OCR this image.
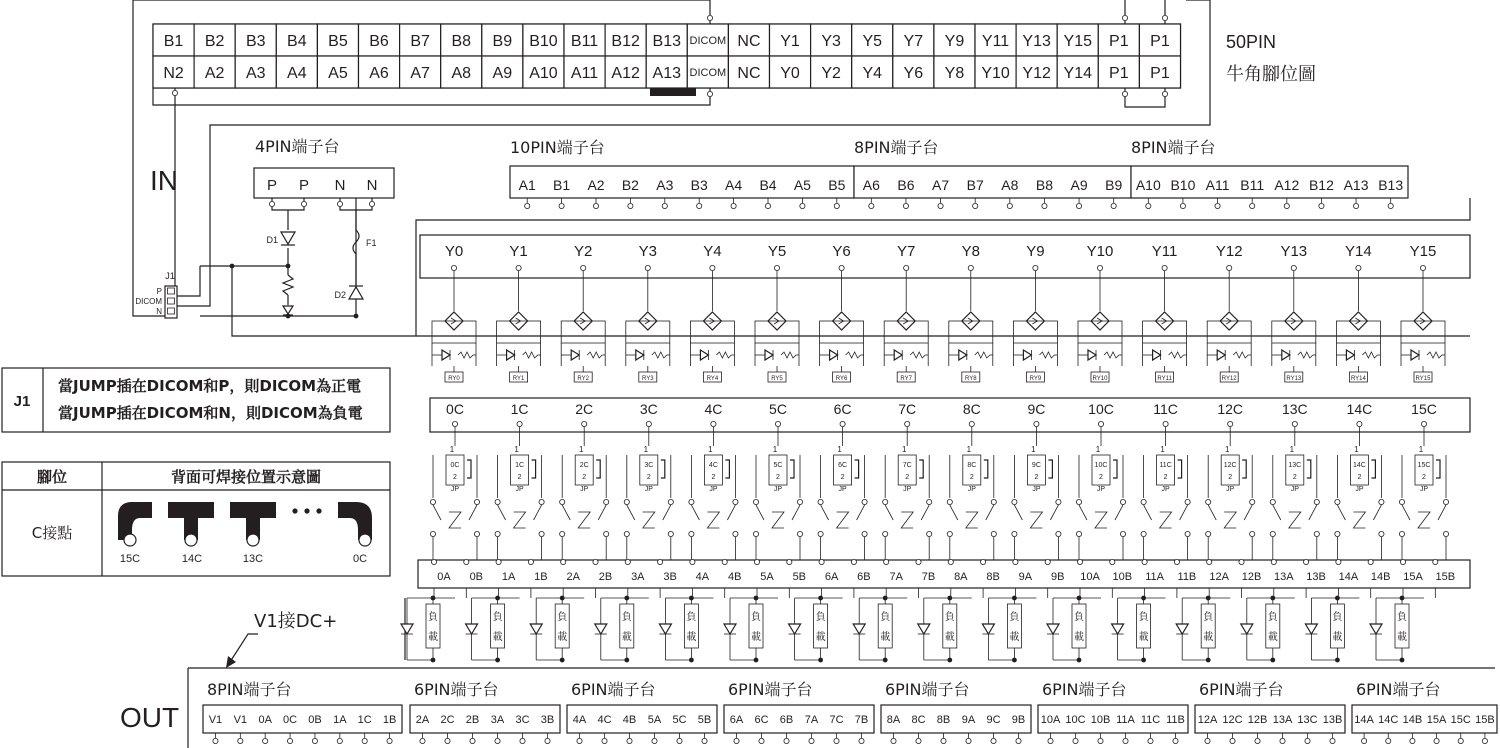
B1 B2 B3 B4 B5 B6 B7 B8 B9 B10 B11 B12 B13 DICOM NC Y1 Y3 Y5 Y7 Y9 Y11 Y13 Y15 P1 P1
N2 A2 A3 A4 A5 A6 A7 A8 A9 A10 A11 A12 A13 DICOM NC Y0 Y2 Y4 Y6 Y8 Y10 Y12 Y14 P1 P1
4PIN端子台
P P N N
D1	F1
D2
J1
P
DICOM
N
10PIN端子台
A1 B1 A2 B2 A3 B3 A4 B4 A5 B5
8PIN端子台
A6 B6 A7 B7 A8 B8 A9 B9
8PIN端子台
A10 B10 A11 B11 A12 B12 A13 B13
Y0
RY0
Y1
RY1
Y2
RY2
Y3
RY3
Y4
RY4
Y5
RY5
Y6
RY6
Y7
RY7
Y8
RY8
Y9
RY9
Y10
RY10
Y11
RY11
Y12
RY12
Y13
RY13
Y14
RY14
Y15
RY15
0C
1
0C
2
JP
1C
1
1C
2
JP
2C
1
2C
2
JP
3C
1
3C
2
JP
4C
1
4C
2
JP
5C
1
5C
2
JP
6C
1
6C
2
JP
7C
1
7C
2
JP
8C
1
8C
2
JP
9C
1
9C
2
JP
10C
1
10C
2
JP
11C
1
11C
2
JP
12C
1
12C
2
JP
13C
1
13C
2
JP
14C
1
14C
2
JP
15C
1
15C
2
JP
0A 0B 1A 1B 2A 2B 3A 3B 4A 4B 5A 5B 6A 6B 7A 7B 8A 8B 9A 9B 10A 10B 11A 11B 12A 12B 13A 13B 14A 14B 15A 15B
負
載
負
載
負
載
負
載
負
載
負
載
負
載
負
載
負
載
負
載
負
載
負
載
負
載
負
載
負
載
負
載
J1
當JUMP插在DICOM和P，則DICOM為正電
當JUMP插在DICOM和N，則DICOM為負電
腳位	背面可焊接位置示意圖
C接點
15C	14C	13C	0C
8PIN端子台
V1 V1 0A 0C 0B 1A 1C 1B
6PIN端子台
2A 2C 2B 3A 3C 3B
6PIN端子台
4A 4C 4B 5A 5C 5B
6PIN端子台
6A 6C 6B 7A 7C 7B
6PIN端子台
8A 8C 8B 9A 9C 9B
6PIN端子台
10A 10C 10B 11A 11C 11B
6PIN端子台
12A 12C 12B 13A 13C 13B
6PIN端子台
14A 14C 14B 15A 15C 15B
50PIN
牛角腳位圖
IN
OUT
V1接DC+
